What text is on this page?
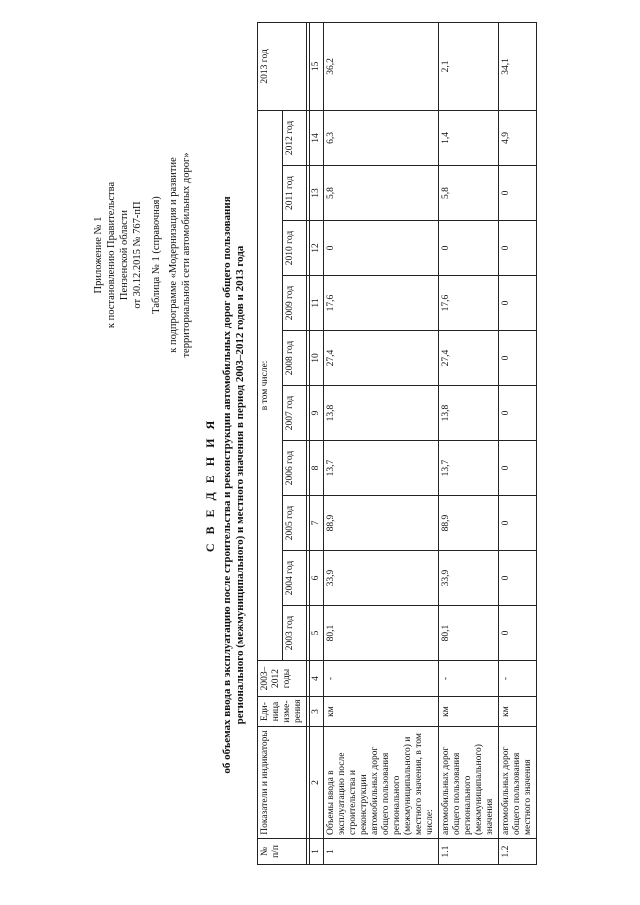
Приложение № 1 к постановлению Правительства Пензенской области от 30.12.2015 № 767-пП Таблица № 1 (справочная) к подпрограмме «Модернизация и развитие территориальной сети автомобильных дорог»
С В Е Д Е Н И Я об объемах ввода в эксплуатацию после строительства и реконструкции автомобильных дорог общего пользования регионального (межмуниципального) и местного значения в период 2003–2012 годов и 2013 года
№ п/п	Показатели и индикаторы	Еди-ница изме-рения	2003–2012 годы	в том числе:										2013 год
				2003 год	2004 год	2005 год	2006 год	2007 год	2008 год	2009 год	2010 год	2011 год	2012 год	

1	2	3	4	5	6	7	8	9	10	11	12	13	14	15
1	Объемы ввода в эксплуатацию после строительства и реконструкции автомобильных дорог общего пользования регионального (межмуниципального) и местного значения, в том числе:	км	-	80,1	33,9	88,9	13,7	13,8	27,4	17,6	0	5,8	6,3	36,2
1.1	автомобильных дорог общего пользования регионального (межмуниципального) значения	км	-	80,1	33,9	88,9	13,7	13,8	27,4	17,6	0	5,8	1,4	2,1
1.2	автомобильных дорог общего пользования местного значения	км	-	0	0	0	0	0	0	0	0	0	4,9	34,1
